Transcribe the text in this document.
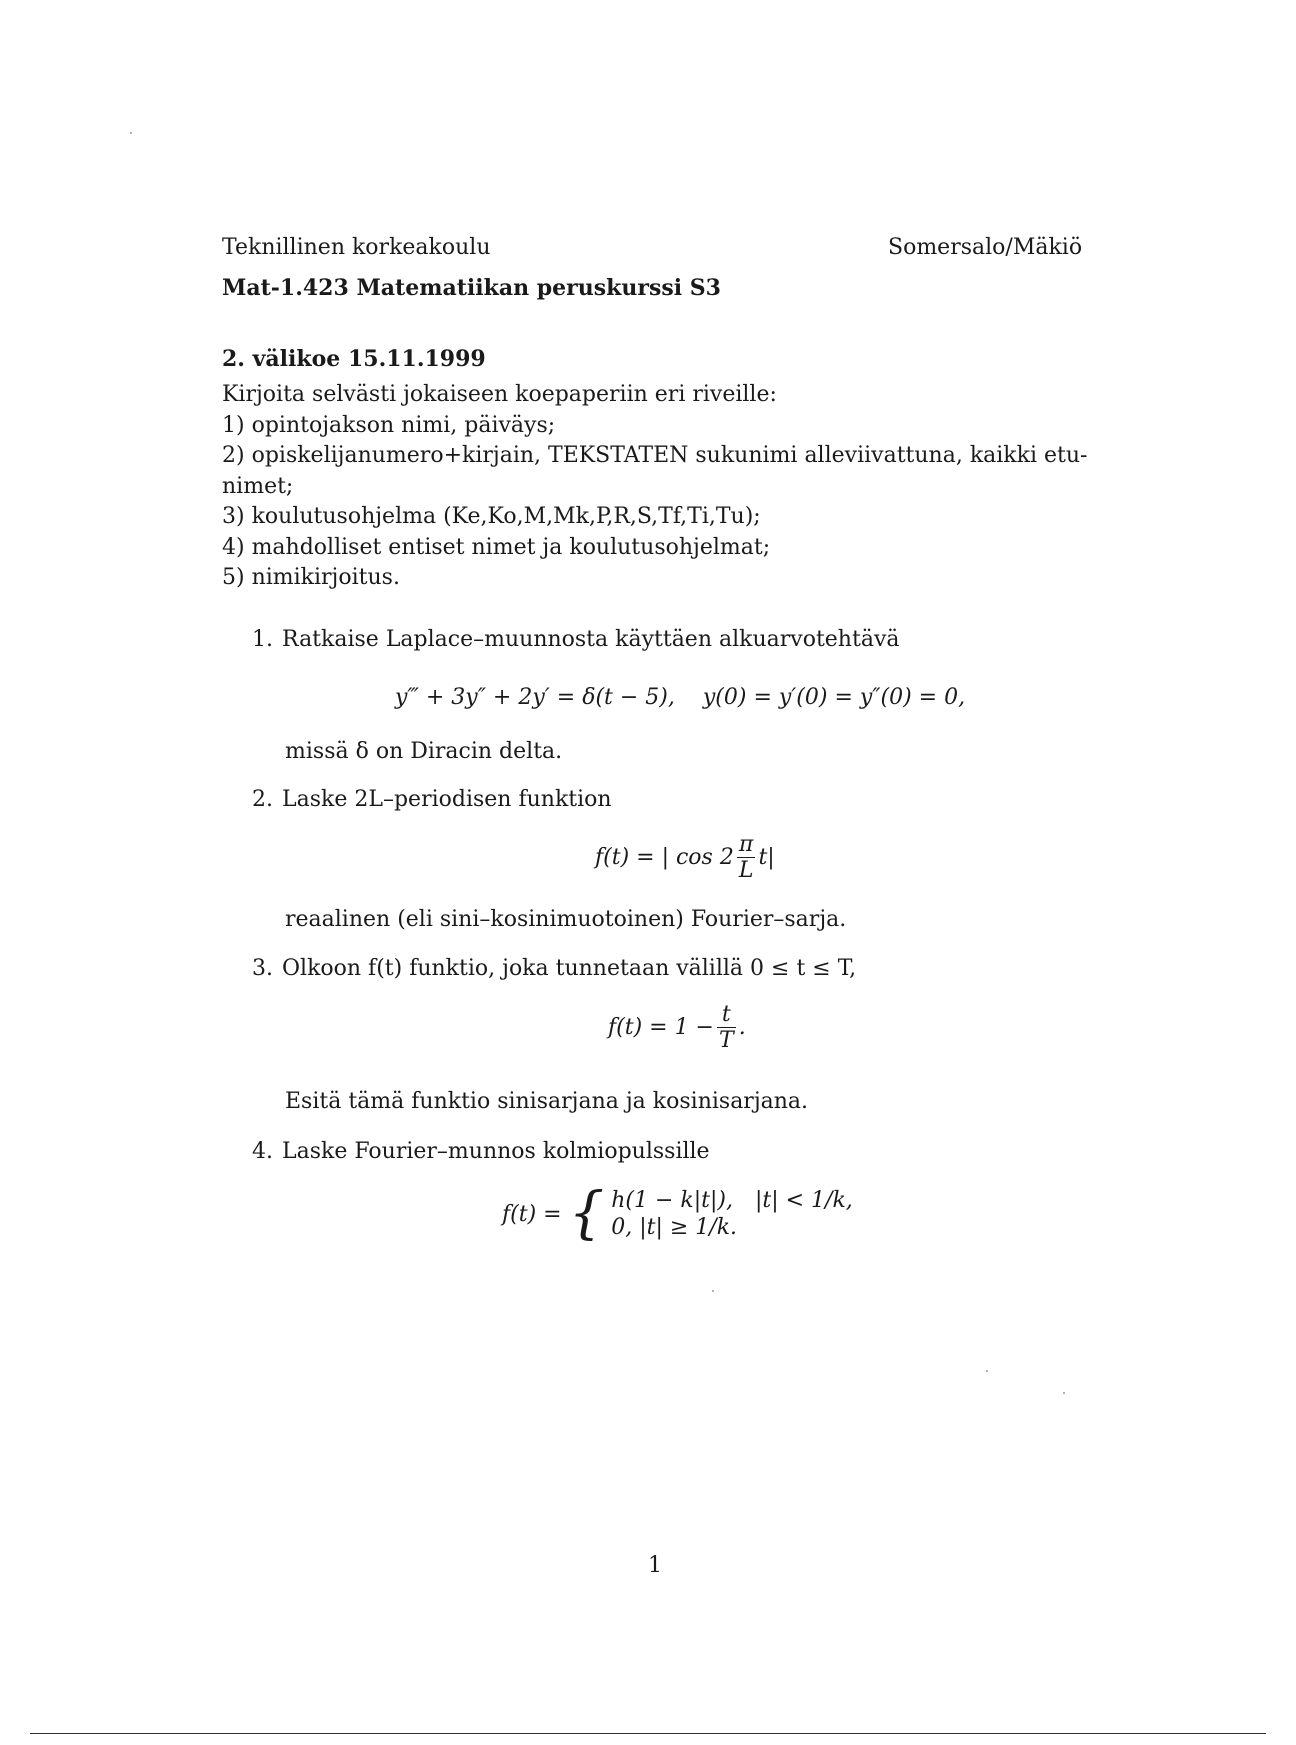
Teknillinen korkeakoulu	Somersalo/Mäkiö
Mat-1.423 Matematiikan peruskurssi S3
2. välikoe 15.11.1999
Kirjoita selvästi jokaiseen koepaperiin eri riveille:
1) opintojakson nimi, päiväys;
2) opiskelijanumero+kirjain, TEKSTATEN sukunimi alleviivattuna, kaikki etu-
nimet;
3) koulutusohjelma (Ke,Ko,M,Mk,P,R,S,Tf,Ti,Tu);
4) mahdolliset entiset nimet ja koulutusohjelmat;
5) nimikirjoitus.
1. Ratkaise Laplace–muunnosta käyttäen alkuarvotehtävä
y‴ + 3y″ + 2y′ = δ(t − 5), y(0) = y′(0) = y″(0) = 0,
missä δ on Diracin delta.
2. Laske 2L–periodisen funktion
f(t) = | $\cos 2 \frac{\pi}{L} t|$
reaalinen (eli sini–kosinimuotoinen) Fourier–sarja.
3. Olkoon f(t) funktio, joka tunnetaan välillä 0 ≤ t ≤ T,
$f(t) = 1 - \frac{t}{T}$ .
Esitä tämä funktio sinisarjana ja kosinisarjana.
4. Laske Fourier–munnos kolmiopulssille
f(t) = { h(1 − k|t|), |t| < 1/k,
0, |t| ≥ 1/k.
1
